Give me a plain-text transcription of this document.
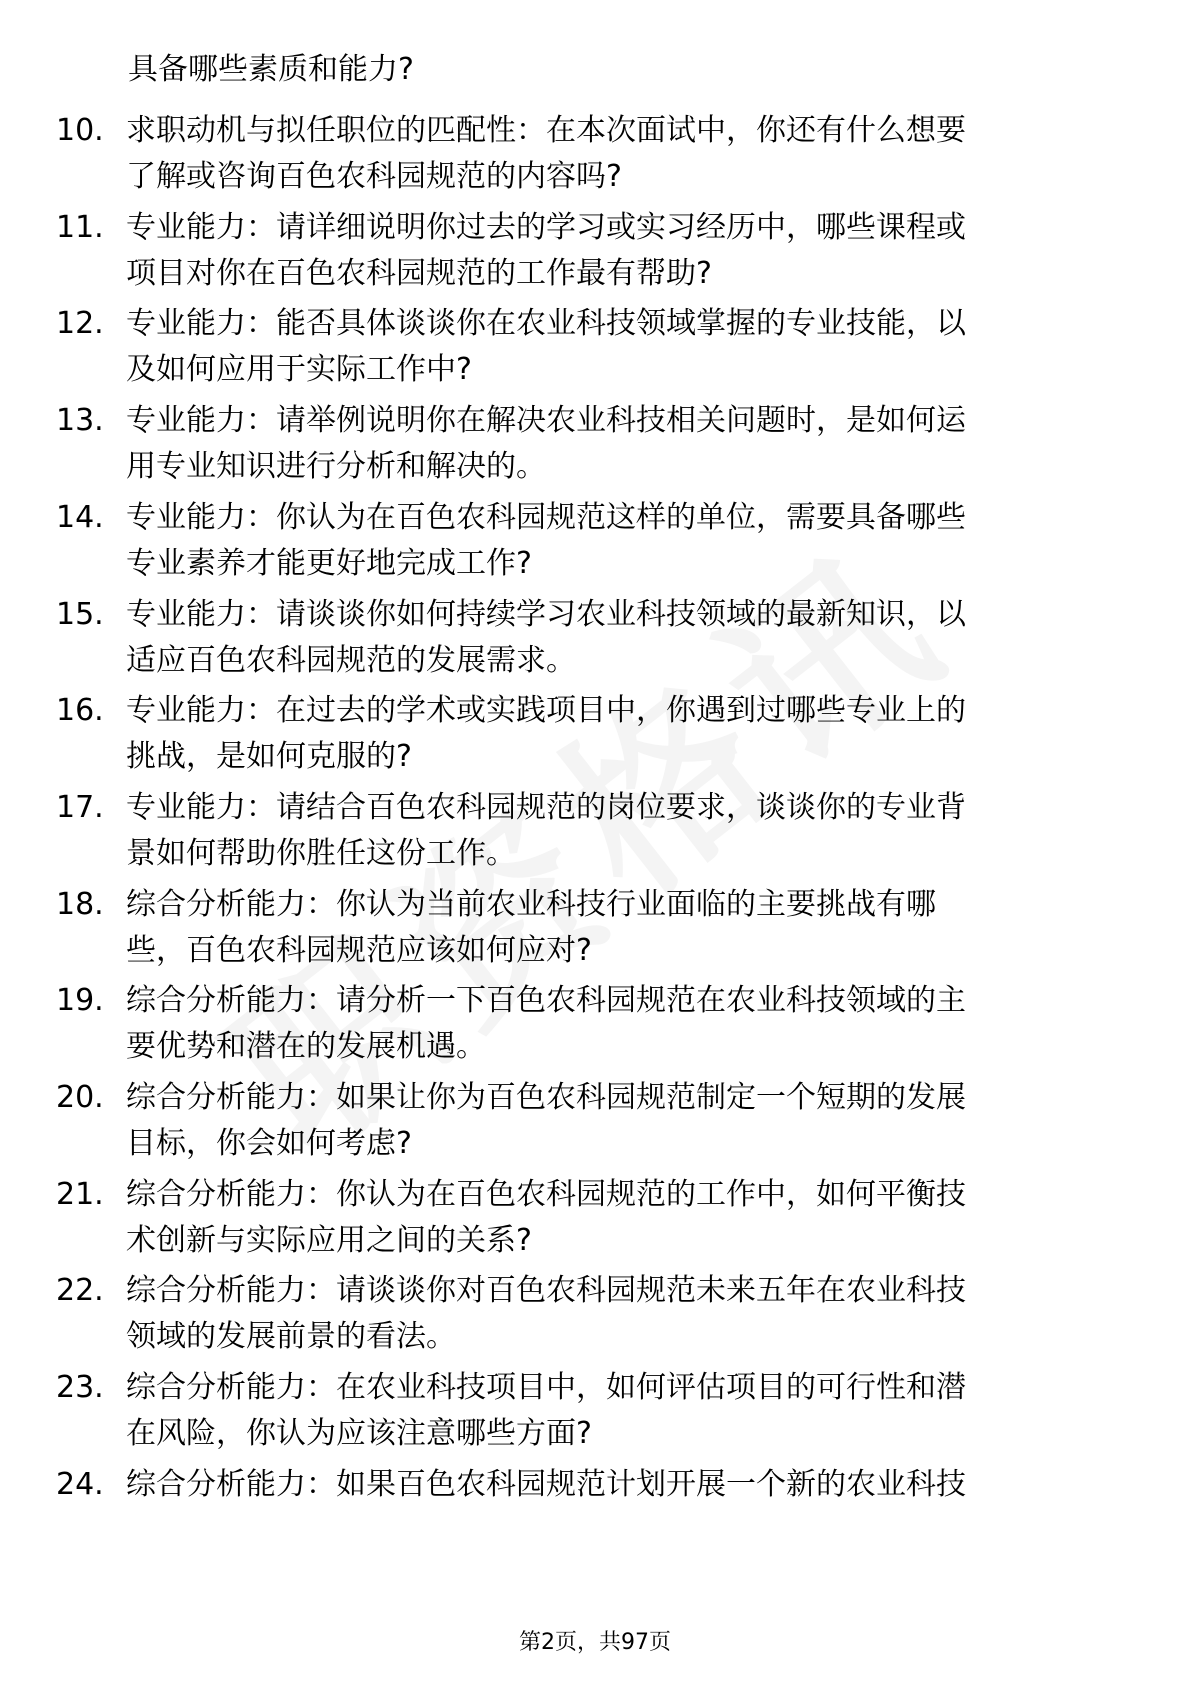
具备哪些素质和能力?
10. 求职动机与拟任职位的匹配性：在本次面试中，你还有什么想要
了解或咨询百色农科园规范的内容吗?
11. 专业能力：请详细说明你过去的学习或实习经历中，哪些课程或
项目对你在百色农科园规范的工作最有帮助?
12. 专业能力：能否具体谈谈你在农业科技领域掌握的专业技能，以
及如何应用于实际工作中?
13. 专业能力：请举例说明你在解决农业科技相关问题时，是如何运
用专业知识进行分析和解决的。
14. 专业能力：你认为在百色农科园规范这样的单位，需要具备哪些
专业素养才能更好地完成工作?
15. 专业能力：请谈谈你如何持续学习农业科技领域的最新知识，以
适应百色农科园规范的发展需求。
16. 专业能力：在过去的学术或实践项目中，你遇到过哪些专业上的
挑战，是如何克服的?
17. 专业能力：请结合百色农科园规范的岗位要求，谈谈你的专业背
景如何帮助你胜任这份工作。
18. 综合分析能力：你认为当前农业科技行业面临的主要挑战有哪
些，百色农科园规范应该如何应对?
19. 综合分析能力：请分析一下百色农科园规范在农业科技领域的主
要优势和潜在的发展机遇。
20. 综合分析能力：如果让你为百色农科园规范制定一个短期的发展
目标，你会如何考虑?
21. 综合分析能力：你认为在百色农科园规范的工作中，如何平衡技
术创新与实际应用之间的关系?
22. 综合分析能力：请谈谈你对百色农科园规范未来五年在农业科技
领域的发展前景的看法。
23. 综合分析能力：在农业科技项目中，如何评估项目的可行性和潜
在风险，你认为应该注意哪些方面?
24. 综合分析能力：如果百色农科园规范计划开展一个新的农业科技
第2页，共97页
